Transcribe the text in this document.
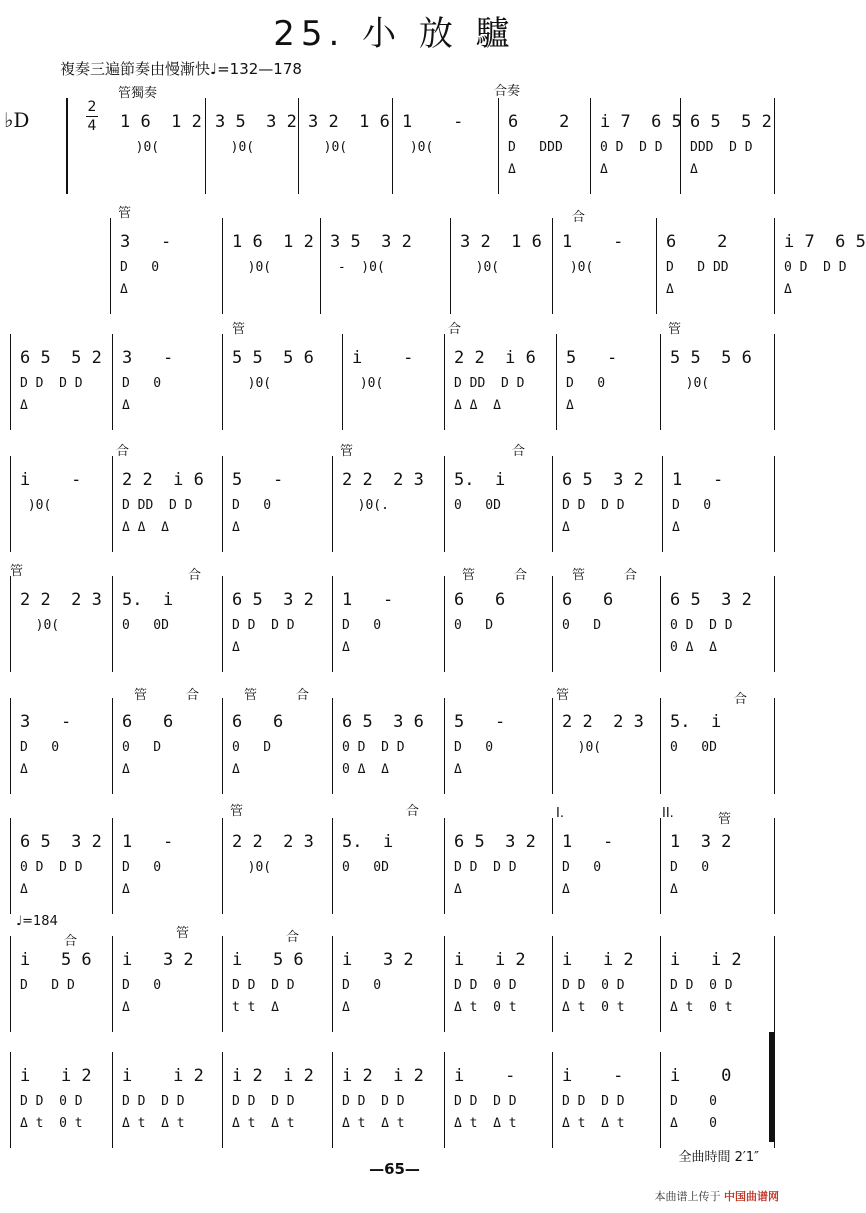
25. 小 放 驢
複奏三遍節奏由慢漸快♩=132—178
♭D
2
4
管獨奏	合奏
管	合
管	合	管
合	管	合
管	合	管	合	管	合
管	合	管	合	管	合
管	合	I.	II.	管
♩=184
合
管	合
1 6  1 2
)0(
3 5  3 2
)0(
3 2  1 6
)0(
1    -
)0(
6    2
D   DDD
Δ
i 7  6 5
0 D  D D
Δ
6 5  5 2
DDD  D D
Δ
3   -
D   0
Δ
1 6  1 2
)0(
3 5  3 2
-  )0(
3 2  1 6
)0(
1    -
)0(
6    2
D   D DD
Δ
i 7  6 5
0 D  D D
Δ
6 5  5 2
D D  D D
Δ
3   -
D   0
Δ
5 5  5 6
)0(
i    -
)0(
2 2  i 6
D DD  D D
Δ Δ  Δ
5   -
D   0
Δ
5 5  5 6
)0(
i    -
)0(
2 2  i 6
D DD  D D
Δ Δ  Δ
5   -
D   0
Δ
2 2  2 3
)0(.
5.  i
0   0D
6 5  3 2
D D  D D
Δ
1   -
D   0
Δ
2 2  2 3
)0(
5.  i
0   0D
6 5  3 2
D D  D D
Δ
1   -
D   0
Δ
6   6
0   D
6   6
0   D
6 5  3 2
0 D  D D
0 Δ  Δ
3   -
D   0
Δ
6   6
0   D
Δ
6   6
0   D
Δ
6 5  3 6
0 D  D D
0 Δ  Δ
5   -
D   0
Δ
2 2  2 3
)0(
5.  i
0   0D
6 5  3 2
0 D  D D
Δ
1   -
D   0
Δ
2 2  2 3
)0(
5.  i
0   0D
6 5  3 2
D D  D D
Δ
1   -
D   0
Δ
1  3 2
D   0
Δ
i   5 6
D   D D
i   3 2
D   0
Δ
i   5 6
D D  D D
t t  Δ
i   3 2
D   0
Δ
i   i 2
D D  0 D
Δ t  0 t
i   i 2
D D  0 D
Δ t  0 t
i   i 2
D D  0 D
Δ t  0 t
i   i 2
D D  0 D
Δ t  0 t
i    i 2
D D  D D
Δ t  Δ t
i 2  i 2
D D  D D
Δ t  Δ t
i 2  i 2
D D  D D
Δ t  Δ t
i    -
D D  D D
Δ t  Δ t
i    -
D D  D D
Δ t  Δ t
i    0
D    0
Δ    0
全曲時間 2′1″
—65—
本曲谱上传于 中国曲谱网
